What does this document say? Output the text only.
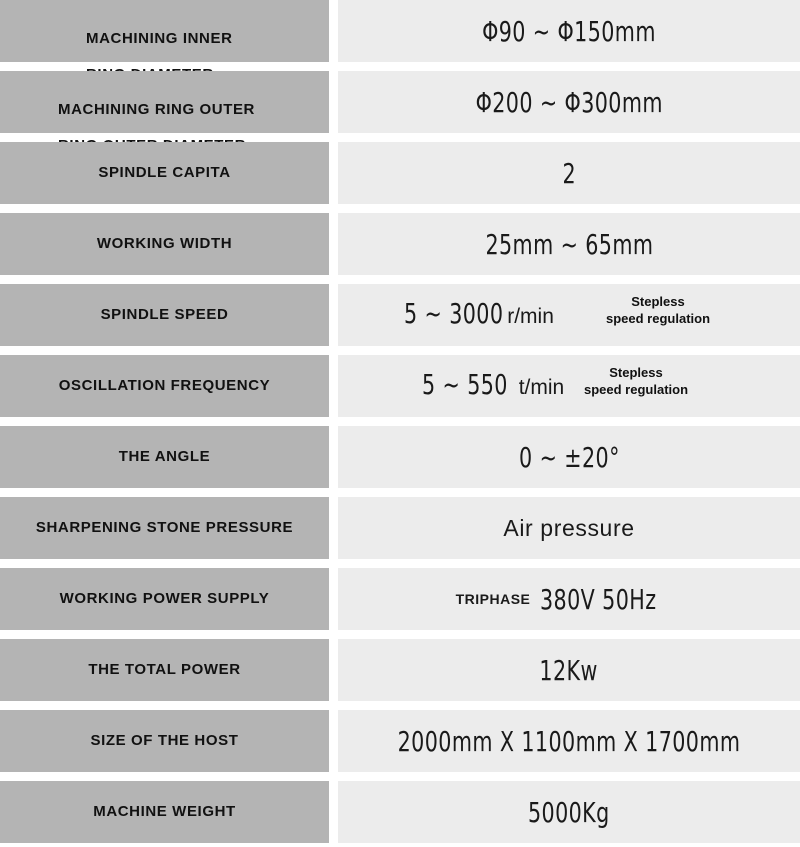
MACHINING INNER	Φ90 ~ Φ150mm

MACHINING RING OUTER	Φ200 ~ Φ300mm
SPINDLE CAPITA	2
WORKING WIDTH	25mm ~ 65mm
SPINDLE SPEED	5 ~ 3000 r/min
Stepless
speed regulation
OSCILLATION FREQUENCY	5 ~ 550 t/min
Stepless
speed regulation
THE ANGLE	0 ~ ±20°
SHARPENING STONE PRESSURE	Air pressure
WORKING POWER SUPPLY	TRIPHASE 380V 50Hz
THE TOTAL POWER	12Kw
SIZE OF THE HOST	2000mm X 1100mm X 1700mm
MACHINE WEIGHT	5000Kg
